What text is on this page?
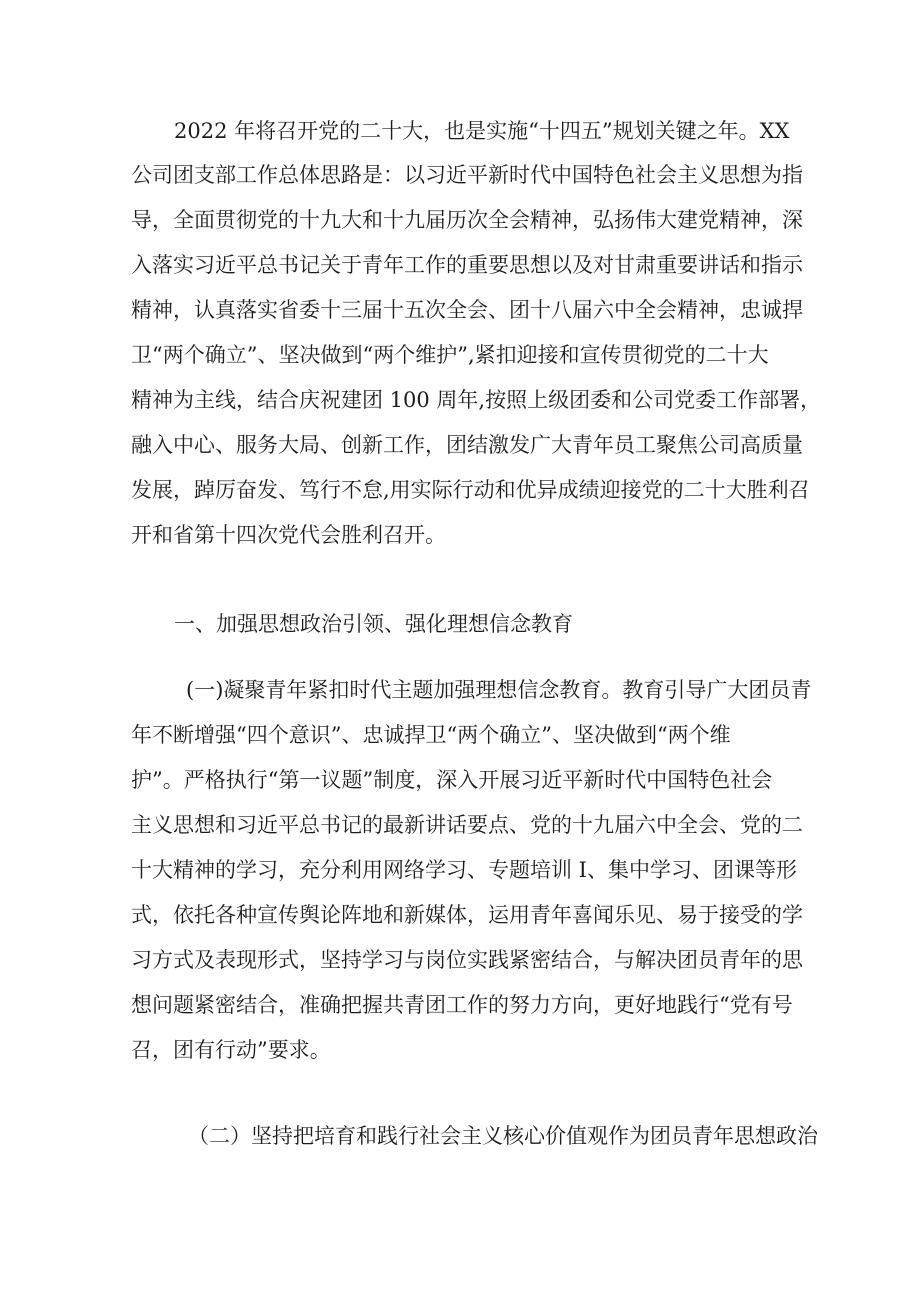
2022 年将召开党的二十大，也是实施“十四五”规划关键之年。XX
公司团支部工作总体思路是：以习近平新时代中国特色社会主义思想为指
导，全面贯彻党的十九大和十九届历次全会精神，弘扬伟大建党精神，深
入落实习近平总书记关于青年工作的重要思想以及对甘肃重要讲话和指示
精神，认真落实省委十三届十五次全会、团十八届六中全会精神，忠诚捍
卫“两个确立”、坚决做到“两个维护”,紧扣迎接和宣传贯彻党的二十大
精神为主线，结合庆祝建团 100 周年,按照上级团委和公司党委工作部署，
融入中心、服务大局、创新工作，团结激发广大青年员工聚焦公司高质量
发展，踔厉奋发、笃行不怠,用实际行动和优异成绩迎接党的二十大胜利召
开和省第十四次党代会胜利召开。
一、加强思想政治引领、强化理想信念教育
(一)凝聚青年紧扣时代主题加强理想信念教育。教育引导广大团员青
年不断增强“四个意识”、忠诚捍卫“两个确立”、坚决做到“两个维
护”。严格执行“第一议题”制度，深入开展习近平新时代中国特色社会
主义思想和习近平总书记的最新讲话要点、党的十九届六中全会、党的二
十大精神的学习，充分利用网络学习、专题培训 I、集中学习、团课等形
式，依托各种宣传舆论阵地和新媒体，运用青年喜闻乐见、易于接受的学
习方式及表现形式，坚持学习与岗位实践紧密结合，与解决团员青年的思
想问题紧密结合，准确把握共青团工作的努力方向，更好地践行“党有号
召，团有行动”要求。
（二）坚持把培育和践行社会主义核心价值观作为团员青年思想政治
